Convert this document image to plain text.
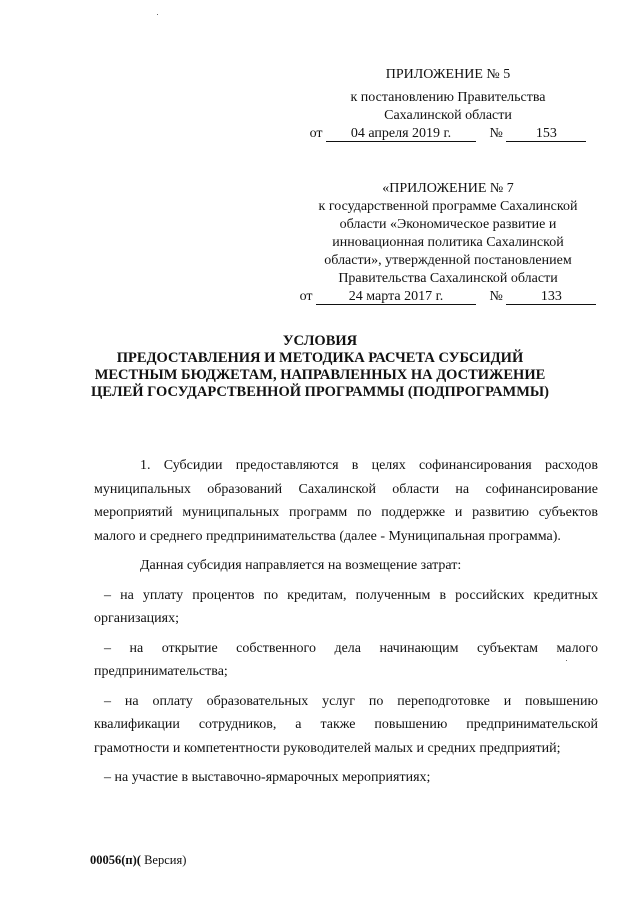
ПРИЛОЖЕНИЕ № 5
к постановлению Правительства
Сахалинской области
от 04 апреля 2019 г.	№ 153
«ПРИЛОЖЕНИЕ № 7
к государственной программе Сахалинской
области «Экономическое развитие и
инновационная политика Сахалинской
области», утвержденной постановлением
Правительства Сахалинской области
от	24 марта 2017 г.	№	133
УСЛОВИЯ
ПРЕДОСТАВЛЕНИЯ И МЕТОДИКА РАСЧЕТА СУБСИДИЙ
МЕСТНЫМ БЮДЖЕТАМ, НАПРАВЛЕННЫХ НА ДОСТИЖЕНИЕ
ЦЕЛЕЙ ГОСУДАРСТВЕННОЙ ПРОГРАММЫ (ПОДПРОГРАММЫ)

1. Субсидии предоставляются в целях софинансирования расходов муниципальных образований Сахалинской области на софинансирование мероприятий муниципальных программ по поддержке и развитию субъектов малого и среднего предпринимательства (далее - Муниципальная программа).

Данная субсидия направляется на возмещение затрат:

– на уплату процентов по кредитам, полученным в российских кредитных организациях;

– на открытие собственного дела начинающим субъектам малого предпринимательства;

– на оплату образовательных услуг по переподготовке и повышению квалификации сотрудников, а также повышению предпринимательской грамотности и компетентности руководителей малых и средних предприятий;

– на участие в выставочно-ярмарочных мероприятиях;

00056(п)( Версия)
